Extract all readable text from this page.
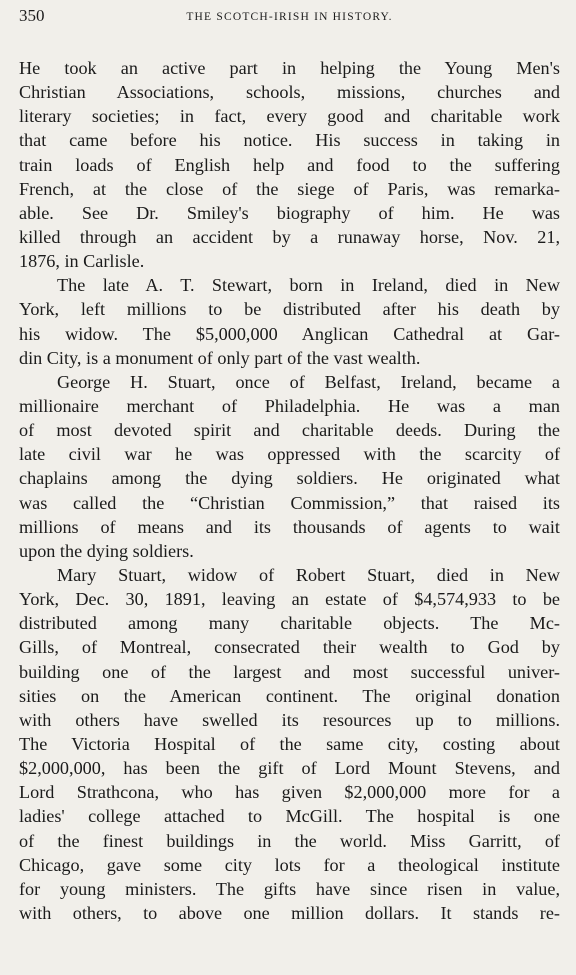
350	THE SCOTCH-IRISH IN HISTORY.
He took an active part in helping the Young Men's
Christian Associations, schools, missions, churches and
literary societies; in fact, every good and charitable work
that came before his notice. His success in taking in
train loads of English help and food to the suffering
French, at the close of the siege of Paris, was remarka-
able. See Dr. Smiley's biography of him. He was
killed through an accident by a runaway horse, Nov. 21,
1876, in Carlisle.
The late A. T. Stewart, born in Ireland, died in New
York, left millions to be distributed after his death by
his widow. The $5,000,000 Anglican Cathedral at Gar-
din City, is a monument of only part of the vast wealth.
George H. Stuart, once of Belfast, Ireland, became a
millionaire merchant of Philadelphia. He was a man
of most devoted spirit and charitable deeds. During the
late civil war he was oppressed with the scarcity of
chaplains among the dying soldiers. He originated what
was called the “Christian Commission,” that raised its
millions of means and its thousands of agents to wait
upon the dying soldiers.
Mary Stuart, widow of Robert Stuart, died in New
York, Dec. 30, 1891, leaving an estate of $4,574,933 to be
distributed among many charitable objects. The Mc-
Gills, of Montreal, consecrated their wealth to God by
building one of the largest and most successful univer-
sities on the American continent. The original donation
with others have swelled its resources up to millions.
The Victoria Hospital of the same city, costing about
$2,000,000, has been the gift of Lord Mount Stevens, and
Lord Strathcona, who has given $2,000,000 more for a
ladies' college attached to McGill. The hospital is one
of the finest buildings in the world. Miss Garritt, of
Chicago, gave some city lots for a theological institute
for young ministers. The gifts have since risen in value,
with others, to above one million dollars. It stands re-
